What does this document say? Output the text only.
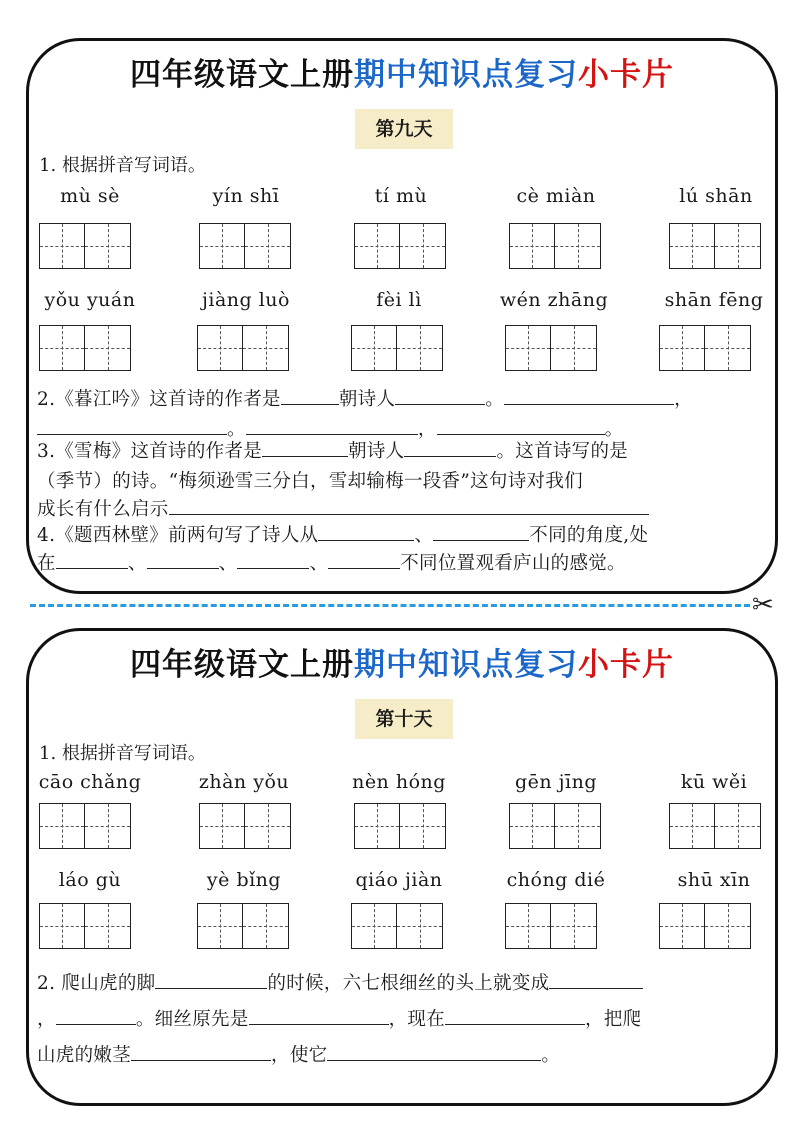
四年级语文上册期中知识点复习小卡片
第九天
1. 根据拼音写词语。
mù sè	yín shī	tí mù	cè miàn	lú shān
yǒu yuán	jiàng luò	fèi lì	wén zhāng	shān fēng
2.《暮江吟》这首诗的作者是	朝诗人	。	，
。	，	。
3.《雪梅》这首诗的作者是	朝诗人	。这首诗写的是
（季节）的诗。“梅须逊雪三分白，雪却输梅一段香”这句诗对我们
成长有什么启示
4.《题西林壁》前两句写了诗人从	、	不同的角度,处
在	、	、	、	不同位置观看庐山的感觉。
✂
四年级语文上册期中知识点复习小卡片
第十天
1. 根据拼音写词语。
cāo chǎng	zhàn yǒu	nèn hóng	gēn jīng	kū wěi
láo gù	yè bǐng	qiáo jiàn	chóng dié	shū xīn
2. 爬山虎的脚	的时候，六七根细丝的头上就变成
，	。细丝原先是	，现在	，把爬
山虎的嫩茎	，使它	。
